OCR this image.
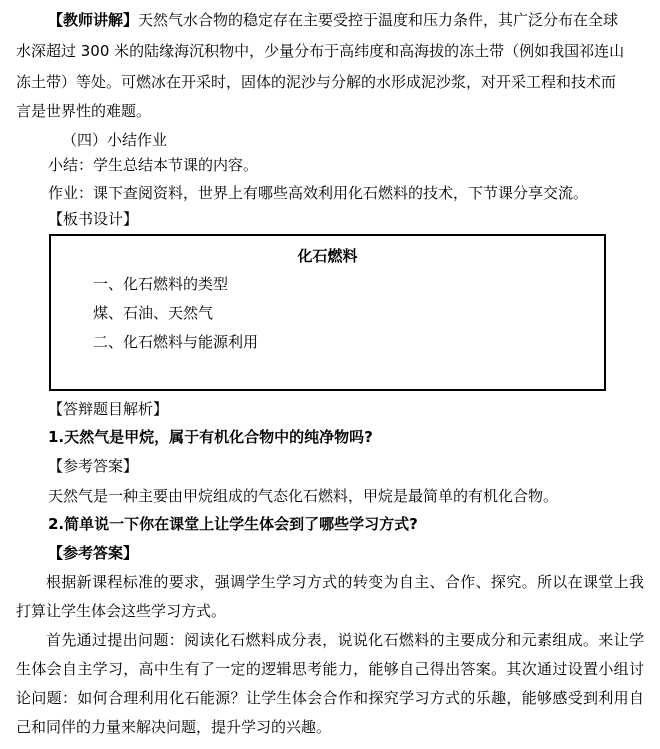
【教师讲解】天然气水合物的稳定存在主要受控于温度和压力条件，其广泛分布在全球
水深超过 300 米的陆缘海沉积物中，少量分布于高纬度和高海拔的冻土带（例如我国祁连山
冻土带）等处。可燃冰在开采时，固体的泥沙与分解的水形成泥沙浆，对开采工程和技术而
言是世界性的难题。
（四）小结作业
小结：学生总结本节课的内容。
作业：课下查阅资料，世界上有哪些高效利用化石燃料的技术，下节课分享交流。
【板书设计】
化石燃料
一、化石燃料的类型
煤、石油、天然气
二、化石燃料与能源利用
【答辩题目解析】
1.天然气是甲烷，属于有机化合物中的纯净物吗?
【参考答案】
天然气是一种主要由甲烷组成的气态化石燃料，甲烷是最简单的有机化合物。
2.简单说一下你在课堂上让学生体会到了哪些学习方式?
【参考答案】
根据新课程标准的要求，强调学生学习方式的转变为自主、合作、探究。所以在课堂上我打算让学生体会这些学习方式。
首先通过提出问题：阅读化石燃料成分表，说说化石燃料的主要成分和元素组成。来让学生体会自主学习，高中生有了一定的逻辑思考能力，能够自己得出答案。其次通过设置小组讨论问题：如何合理利用化石能源？让学生体会合作和探究学习方式的乐趣，能够感受到利用自己和同伴的力量来解决问题，提升学习的兴趣。
